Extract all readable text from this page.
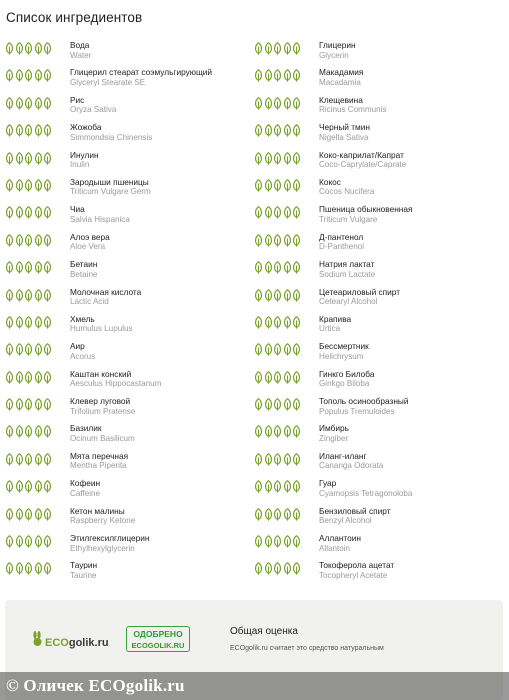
Список ингредиентов
Вода
Water
Глицерил стеарат соэмульгирующий
Glyceryl Stearate SE
Рис
Oryza Sativa
Жожоба
Simmondsia Chinensis
Инулин
Inulin
Зародыши пшеницы
Triticum Vulgare Germ
Чиа
Salvia Hispanica
Алоэ вера
Aloe Vera
Бетаин
Betaine
Молочная кислота
Lactic Acid
Хмель
Humulus Lupulus
Аир
Acorus
Каштан конский
Aesculus Hippocastanum
Клевер луговой
Trifolium Pratense
Базилик
Ocinum Basilicum
Мята перечная
Mentha Piperita
Кофеин
Caffeine
Кетон малины
Raspberry Ketone
Этилгексилглицерин
Ethylhexylglycerin
Таурин
Taurine
Глицерин
Glycerin
Макадамия
Macadamia
Клещевина
Ricinus Communis
Черный тмин
Nigella Sativa
Коко-каприлат/Капрат
Coco-Caprylate/Caprate
Кокос
Cocos Nucifera
Пшеница обыкновенная
Triticum Vulgare
Д-пантенол
D-Panthenol
Натрия лактат
Sodium Lactate
Цетеариловый спирт
Cetearyl Alcohol
Крапива
Urtica
Бессмертник
Helichrysum
Гинкго Билоба
Ginkgo Biloba
Тополь осинообразный
Populus Tremuloides
Имбирь
Zingiber
Иланг-иланг
Cananga Odorata
Гуар
Cyamopsis Tetragonoloba
Бензиловый спирт
Benzyl Alcohol
Аллантоин
Allantoin
Токоферола ацетат
Tocopheryl Acetate
ECOgolik.ru
ОДОБРЕНО
ECOGOLIK.RU
Общая оценка
ECOgolik.ru считает это средство натуральным
© Оличек ECOgolik.ru
